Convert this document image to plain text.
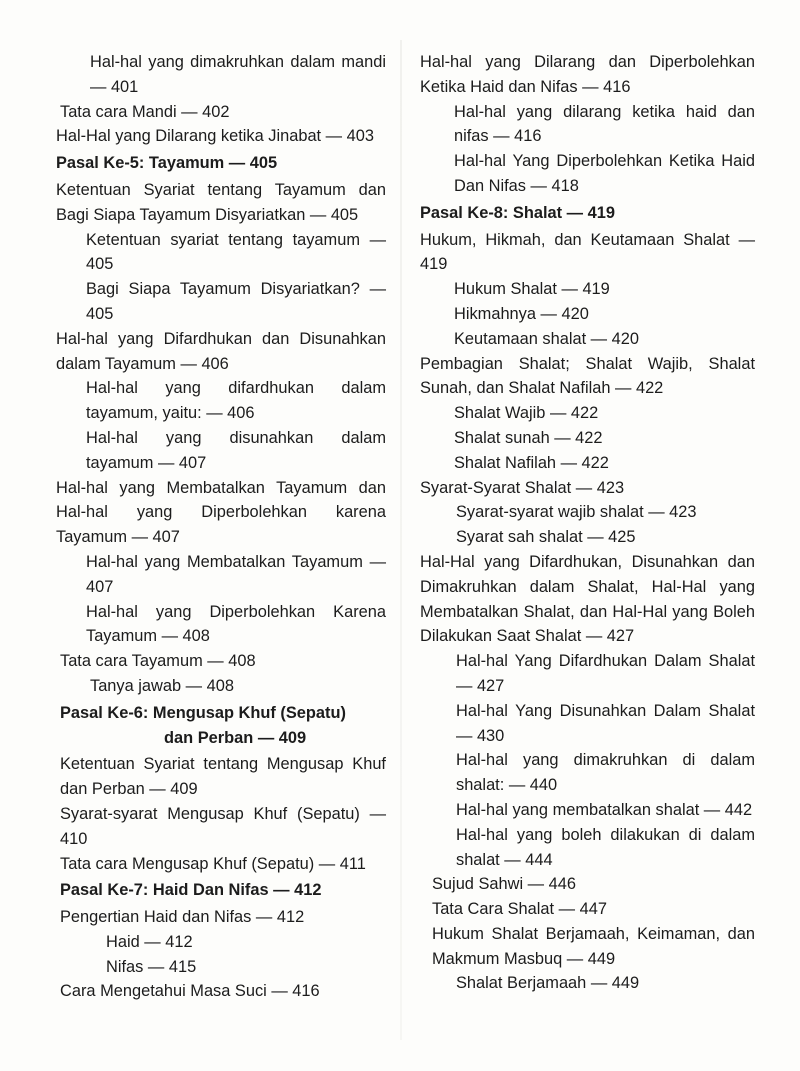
Hal-hal yang dimakruhkan dalam mandi — 401
Tata cara Mandi — 402
Hal-Hal yang Dilarang ketika Jinabat — 403
Pasal Ke-5: Tayamum — 405
Ketentuan Syariat tentang Tayamum dan Bagi Siapa Tayamum Disyariatkan — 405
Ketentuan syariat tentang tayamum — 405
Bagi Siapa Tayamum Disyariatkan? — 405
Hal-hal yang Difardhukan dan Disunahkan dalam Tayamum — 406
Hal-hal yang difardhukan dalam tayamum, yaitu: — 406
Hal-hal yang disunahkan dalam tayamum — 407
Hal-hal yang Membatalkan Tayamum dan Hal-hal yang Diperbolehkan karena Tayamum — 407
Hal-hal yang Membatalkan Tayamum — 407
Hal-hal yang Diperbolehkan Karena Tayamum — 408
Tata cara Tayamum — 408
Tanya jawab — 408
Pasal Ke-6: Mengusap Khuf (Sepatu)
dan Perban — 409
Ketentuan Syariat tentang Mengusap Khuf dan Perban — 409
Syarat-syarat Mengusap Khuf (Sepatu) — 410
Tata cara Mengusap Khuf (Sepatu) — 411
Pasal Ke-7: Haid Dan Nifas — 412
Pengertian Haid dan Nifas — 412
Haid — 412
Nifas — 415
Cara Mengetahui Masa Suci — 416
Hal-hal yang Dilarang dan Diperbolehkan Ketika Haid dan Nifas — 416
Hal-hal yang dilarang ketika haid dan nifas — 416
Hal-hal Yang Diperbolehkan Ketika Haid Dan Nifas — 418
Pasal Ke-8: Shalat — 419
Hukum, Hikmah, dan Keutamaan Shalat — 419
Hukum Shalat — 419
Hikmahnya — 420
Keutamaan shalat — 420
Pembagian Shalat; Shalat Wajib, Shalat Sunah, dan Shalat Nafilah — 422
Shalat Wajib — 422
Shalat sunah — 422
Shalat Nafilah — 422
Syarat-Syarat Shalat — 423
Syarat-syarat wajib shalat — 423
Syarat sah shalat — 425
Hal-Hal yang Difardhukan, Disunahkan dan Dimakruhkan dalam Shalat, Hal-Hal yang Membatalkan Shalat, dan Hal-Hal yang Boleh Dilakukan Saat Shalat — 427
Hal-hal Yang Difardhukan Dalam Shalat — 427
Hal-hal Yang Disunahkan Dalam Shalat — 430
Hal-hal yang dimakruhkan di dalam shalat: — 440
Hal-hal yang membatalkan shalat — 442
Hal-hal yang boleh dilakukan di dalam shalat — 444
Sujud Sahwi — 446
Tata Cara Shalat — 447
Hukum Shalat Berjamaah, Keimaman, dan Makmum Masbuq — 449
Shalat Berjamaah — 449
